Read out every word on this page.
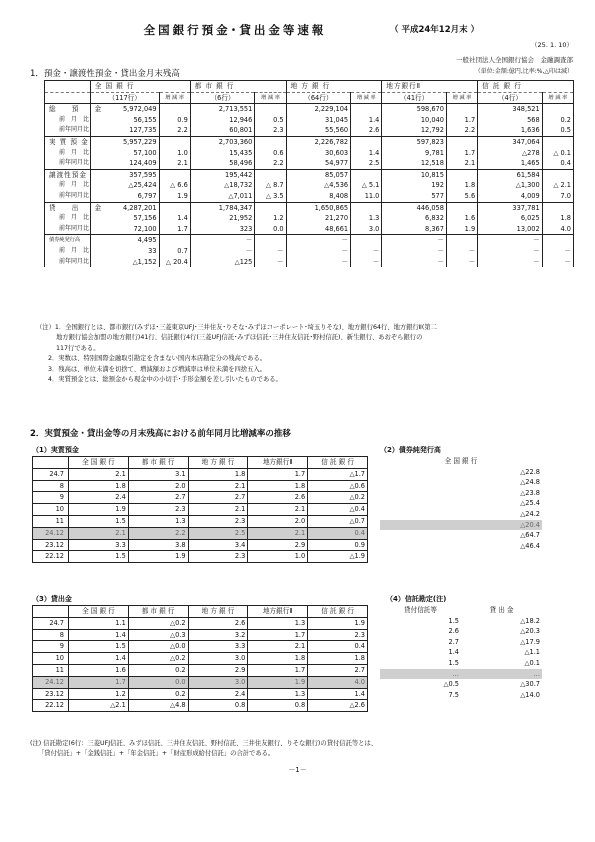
全国銀行預金･貸出金等速報	（ 平成24年12月末 ）
（25. 1. 10）
一般社団法人全国銀行協会　金融調査部
（単位:金額:億円,比率:%,△印は減）
1．預金・譲渡性預金・貸出金月末残高
	全 国 銀 行		都 市 銀 行		地 方 銀 行		地方銀行Ⅱ		信 託 銀 行	
	（117行）	増 減 率	（6行）	増 減 率	（64行）	増 減 率	（41行）	増 減 率	（4行）	増 減 率
総　　預　　金	5,972,049		2,713,551		2,229,104		598,670		348,521	
前　月　比	56,155	0.9	12,946	0.5	31,045	1.4	10,040	1.7	568	0.2
前年同月比	127,735	2.2	60,801	2.3	55,560	2.6	12,792	2.2	1,636	0.5
実 質 預 金	5,957,229		2,703,360		2,226,782		597,823		347,064	
前　月　比	57,100	1.0	15,435	0.6	30,603	1.4	9,781	1.7	△278	△ 0.1
前年同月比	124,409	2.1	58,496	2.2	54,977	2.5	12,518	2.1	1,465	0.4
譲渡性預金	357,595		195,442		85,057		10,815		61,584	
前　月　比	△25,424	△ 6.6	△18,732	△ 8.7	△4,536	△ 5.1	192	1.8	△1,300	△ 2.1
前年同月比	6,797	1.9	△7,011	△ 3.5	8,408	11.0	577	5.6	4,009	7.0
貸　　出　　金	4,287,201		1,784,347		1,650,865		446,058		337,781	
前　月　比	57,156	1.4	21,952	1.2	21,270	1.3	6,832	1.6	6,025	1.8
前年同月比	72,100	1.7	323	0.0	48,661	3.0	8,367	1.9	13,002	4.0
債券純発行高	4,495		－		－		－		－	
前　月　比	33	0.7	－	－	－	－	－	－	－	－
前年同月比	△1,152	△ 20.4	△125	－	－	－	－	－	－	－
（注）1．全国銀行とは、都市銀行(みずほ･三菱東京UFJ･三井住友･りそな･みずほコーポレート･埼玉りそな)、地方銀行64行、地方銀行Ⅱ(第二
地方銀行協会加盟の地方銀行)41行、信託銀行4行(三菱UFJ信託･みずほ信託･三井住友信託･野村信託)、新生銀行、あおぞら銀行の
117行である。
2．実数は、特別国際金融取引勘定を含まない国内本店勘定分の残高である。
3．残高は、単位未満を切捨て、増減額および増減率は単位未満を四捨五入。
4．実質預金とは、総預金から現金中の小切手･手形金額を差し引いたものである。
2．実質預金・貸出金等の月末残高における前年同月比増減率の推移
（1）実質預金	（2）債券純発行高
	全 国 銀 行	都 市 銀 行	地 方 銀 行	地方銀行Ⅱ	信 託 銀 行
24.7	2.1	3.1	1.8	1.7	△1.7
8	1.8	2.0	2.1	1.8	△0.6
9	2.4	2.7	2.7	2.6	△0.2
10	1.9	2.3	2.1	2.1	△0.4
11	1.5	1.3	2.3	2.0	△0.7
24.12	2.1	2.2	2.5	2.1	0.4
23.12	3.3	3.8	3.4	2.9	0.9
22.12	1.5	1.9	2.3	1.0	△1.9
全 国 銀 行
△22.8
△24.8
△23.8
△25.4
△24.2
△20.4
△64.7
△46.4
（3）貸出金	（4）信託勘定(注)
	全 国 銀 行	都 市 銀 行	地 方 銀 行	地方銀行Ⅱ	信 託 銀 行
24.7	1.1	△0.2	2.6	1.3	1.9
8	1.4	△0.3	3.2	1.7	2.3
9	1.5	△0.0	3.3	2.1	0.4
10	1.4	△0.2	3.0	1.8	1.8
11	1.6	0.2	2.9	1.7	2.7
24.12	1.7	0.0	3.0	1.9	4.0
23.12	1.2	0.2	2.4	1.3	1.4
22.12	△2.1	△4.8	0.8	0.8	△2.6
貸付信託等	貸 出 金
1.5	△18.2
2.6	△20.3
2.7	△17.9
1.4	△1.1
1.5	△0.1
…	…
△0.5	△30.7
7.5	△14.0
(注) 信託勘定(6行：三菱UFJ信託、みずほ信託、三井住友信託、野村信託、三井住友銀行、りそな銀行)の貸付信託等とは、
「貸付信託」+「金銭信託」+「年金信託」+「財産形成給付信託」の合計である。
－1－
